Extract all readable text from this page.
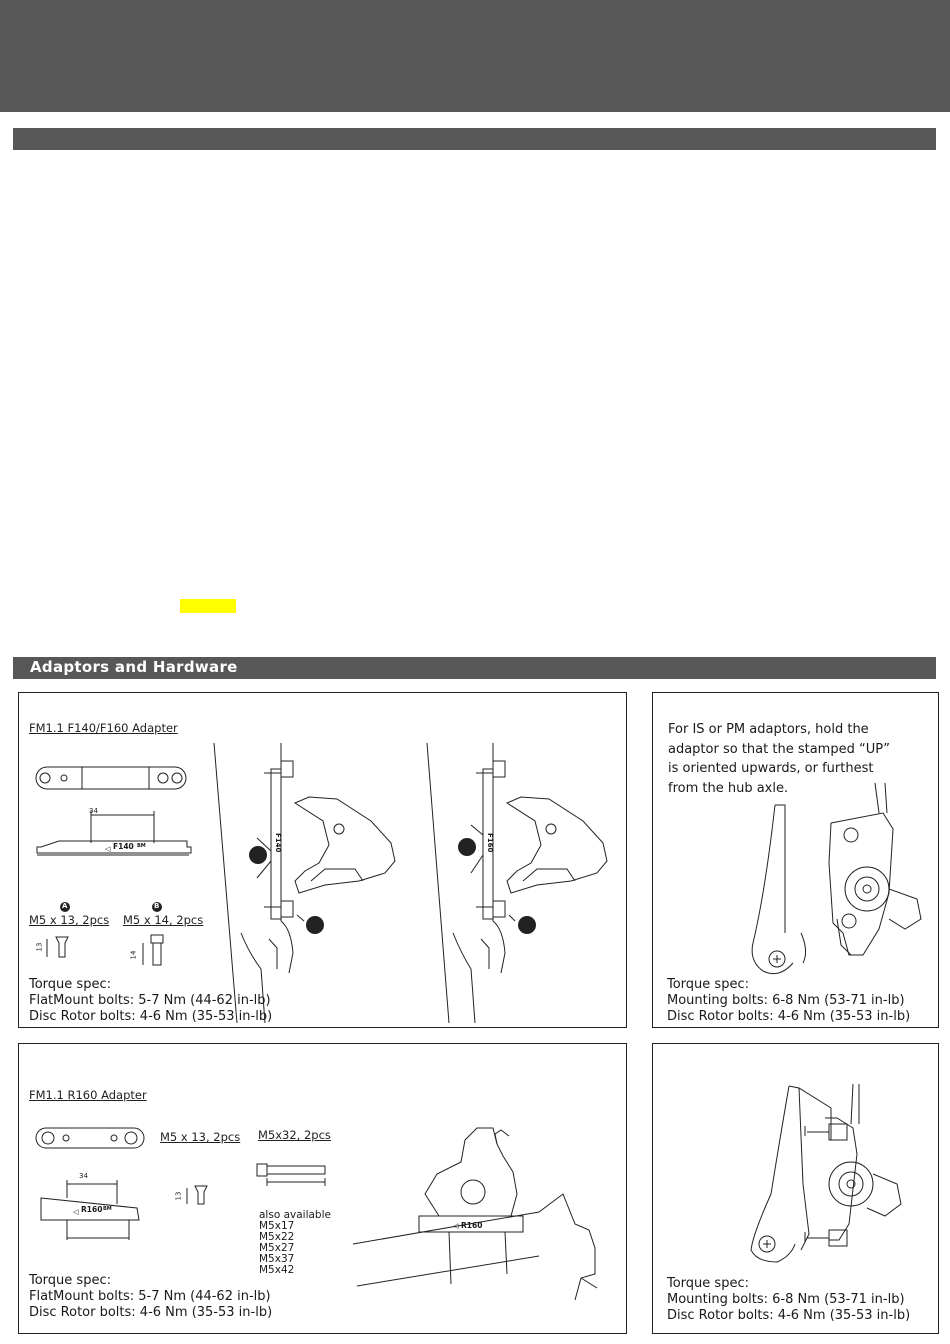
Adaptors and Hardware
FM1.1 F140/F160 Adapter
◁
34
F140 BM	F140	F160
A	B
M5 x 13, 2pcs M5 x 14, 2pcs
13
14
Torque spec:
FlatMount bolts: 5-7 Nm (44-62 in-lb)
Disc Rotor bolts: 4-6 Nm (35-53 in-lb)
For IS or PM adaptors, hold the adaptor so that the stamped “UP” is oriented upwards, or furthest from the hub axle.
Torque spec:
Mounting bolts: 6-8 Nm (53-71 in-lb)
Disc Rotor bolts: 4-6 Nm (35-53 in-lb)
FM1.1 R160 Adapter
◁
◁
34
R160 BM
R160
M5 x 13, 2pcs
13
M5x32, 2pcs
also available
M5x17
M5x22
M5x27
M5x37
M5x42
Torque spec:
FlatMount bolts: 5-7 Nm (44-62 in-lb)
Disc Rotor bolts: 4-6 Nm (35-53 in-lb)
Torque spec:
Mounting bolts: 6-8 Nm (53-71 in-lb)
Disc Rotor bolts: 4-6 Nm (35-53 in-lb)
